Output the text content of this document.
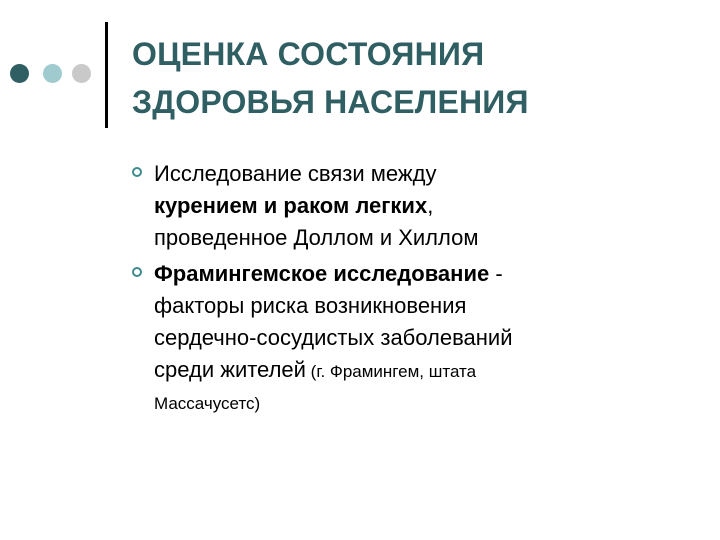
ОЦЕНКА СОСТОЯНИЯ
ЗДОРОВЬЯ НАСЕЛЕНИЯ
Исследование связи между
курением и раком легких,
проведенное Доллом и Хиллом
Фрамингемское исследование -
факторы риска возникновения
сердечно-сосудистых заболеваний
среди жителей (г. Фрамингем, штата
Массачусетс)
